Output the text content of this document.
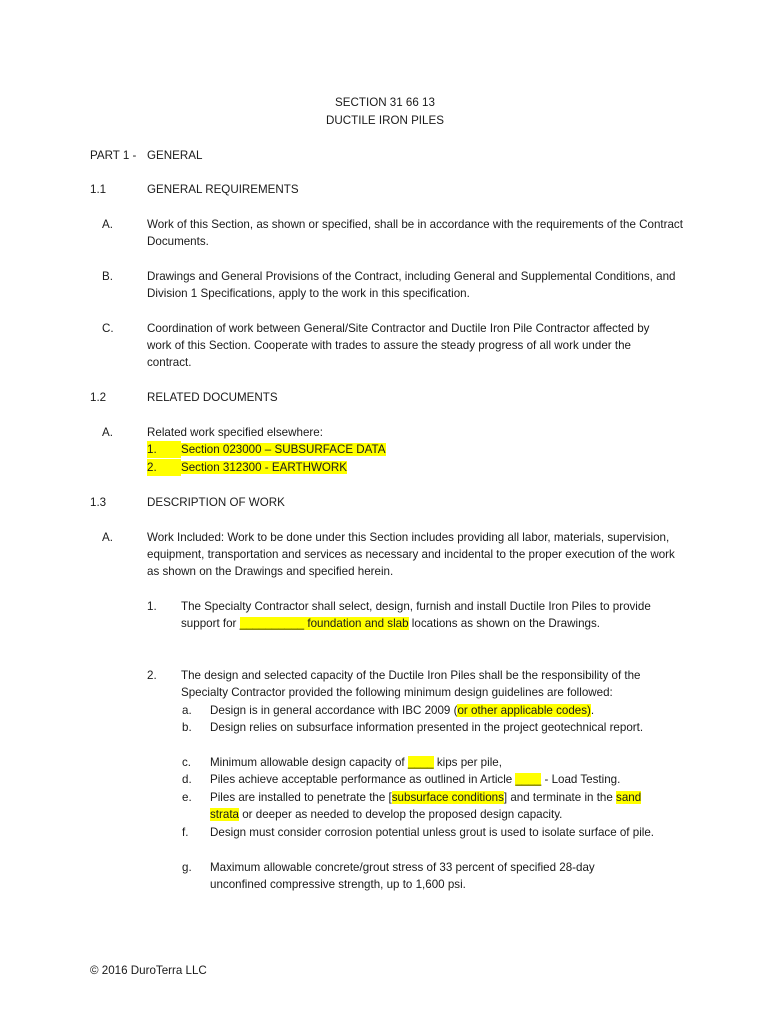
SECTION 31 66 13
DUCTILE IRON PILES
PART 1 - GENERAL
1.1	GENERAL REQUIREMENTS
A.	Work of this Section, as shown or specified, shall be in accordance with the requirements of the Contract Documents.
B.	Drawings and General Provisions of the Contract, including General and Supplemental Conditions, and Division 1 Specifications, apply to the work in this specification.
C.	Coordination of work between General/Site Contractor and Ductile Iron Pile Contractor affected by work of this Section. Cooperate with trades to assure the steady progress of all work under the contract.
1.2	RELATED DOCUMENTS
A.	Related work specified elsewhere:
1. Section 023000 – SUBSURFACE DATA
2. Section 312300 - EARTHWORK
1.3	DESCRIPTION OF WORK
A.	Work Included: Work to be done under this Section includes providing all labor, materials, supervision, equipment, transportation and services as necessary and incidental to the proper execution of the work as shown on the Drawings and specified herein.
1. The Specialty Contractor shall select, design, furnish and install Ductile Iron Piles to provide support for __________ foundation and slab locations as shown on the Drawings.
2. The design and selected capacity of the Ductile Iron Piles shall be the responsibility of the Specialty Contractor provided the following minimum design guidelines are followed:
a. Design is in general accordance with IBC 2009 (or other applicable codes).
b. Design relies on subsurface information presented in the project geotechnical report.
c. Minimum allowable design capacity of ____ kips per pile,
d. Piles achieve acceptable performance as outlined in Article ____ - Load Testing.
e. Piles are installed to penetrate the [subsurface conditions] and terminate in the sand strata or deeper as needed to develop the proposed design capacity.
f. Design must consider corrosion potential unless grout is used to isolate surface of pile.
g. Maximum allowable concrete/grout stress of 33 percent of specified 28-day unconfined compressive strength, up to 1,600 psi.
© 2016 DuroTerra LLC
